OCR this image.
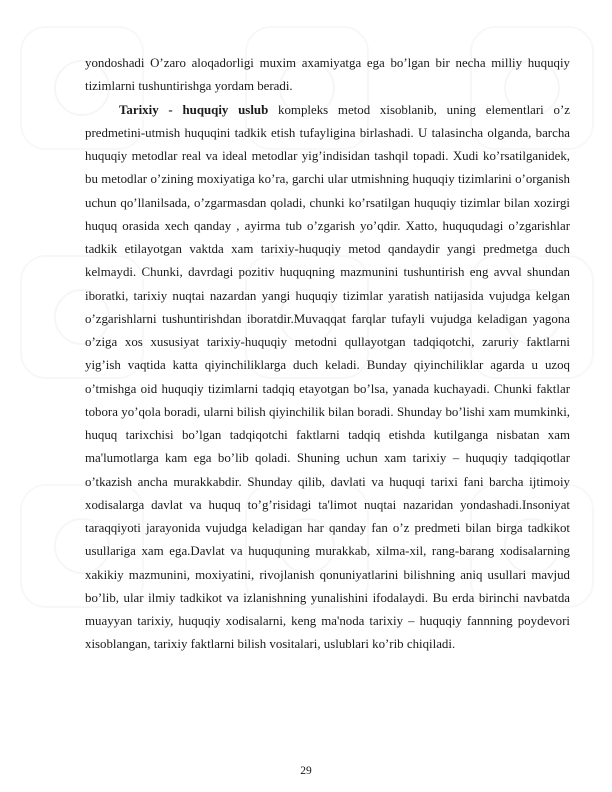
yondoshadi O’zaro aloqadorligi muxim axamiyatga ega bo’lgan bir necha milliy huquqiy tizimlarni tushuntirishga yordam beradi.

Tarixiy - huquqiy uslub kompleks metod xisoblanib, uning elementlari o’z predmetini-utmish huquqini tadkik etish tufayligina birlashadi. U talasincha olganda, barcha huquqiy metodlar real va ideal metodlar yig’indisidan tashqil topadi. Xudi ko’rsatilganidek, bu metodlar o’zining moxiyatiga ko’ra, garchi ular utmishning huquqiy tizimlarini o’organish uchun qo’llanilsada, o’zgarmasdan qoladi, chunki ko’rsatilgan huquqiy tizimlar bilan xozirgi huquq orasida xech qanday , ayirma tub o’zgarish yo’qdir. Xatto, huququdagi o’zgarishlar tadkik etilayotgan vaktda xam tarixiy-huquqiy metod qandaydir yangi predmetga duch kelmaydi. Chunki, davrdagi pozitiv huquqning mazmunini tushuntirish eng avval shundan iboratki, tarixiy nuqtai nazardan yangi huquqiy tizimlar yaratish natijasida vujudga kelgan o’zgarishlarni tushuntirishdan iboratdir.Muvaqqat farqlar tufayli vujudga keladigan yagona o’ziga xos xususiyat tarixiy-huquqiy metodni qullayotgan tadqiqotchi, zaruriy faktlarni yig’ish vaqtida katta qiyinchiliklarga duch keladi. Bunday qiyinchiliklar agarda u uzoq o’tmishga oid huquqiy tizimlarni tadqiq etayotgan bo’lsa, yanada kuchayadi. Chunki faktlar tobora yo’qola boradi, ularni bilish qiyinchilik bilan boradi. Shunday bo’lishi xam mumkinki, huquq tarixchisi bo’lgan tadqiqotchi faktlarni tadqiq etishda kutilganga nisbatan xam ma'lumotlarga kam ega bo’lib qoladi. Shuning uchun xam tarixiy – huquqiy tadqiqotlar o’tkazish ancha murakkabdir. Shunday qilib, davlati va huquqi tarixi fani barcha ijtimoiy xodisalarga davlat va huquq to’g’risidagi ta'limot nuqtai nazaridan yondashadi.Insoniyat taraqqiyoti jarayonida vujudga keladigan har qanday fan o’z predmeti bilan birga tadkikot usullariga xam ega.Davlat va huququning murakkab, xilma-xil, rang-barang xodisalarning xakikiy mazmunini, moxiyatini, rivojlanish qonuniyatlarini bilishning aniq usullari mavjud bo’lib, ular ilmiy tadkikot va izlanishning yunalishini ifodalaydi. Bu erda birinchi navbatda muayyan tarixiy, huquqiy xodisalarni, keng ma'noda tarixiy – huquqiy fannning poydevori xisoblangan, tarixiy faktlarni bilish vositalari, uslublari ko’rib chiqiladi.

29
